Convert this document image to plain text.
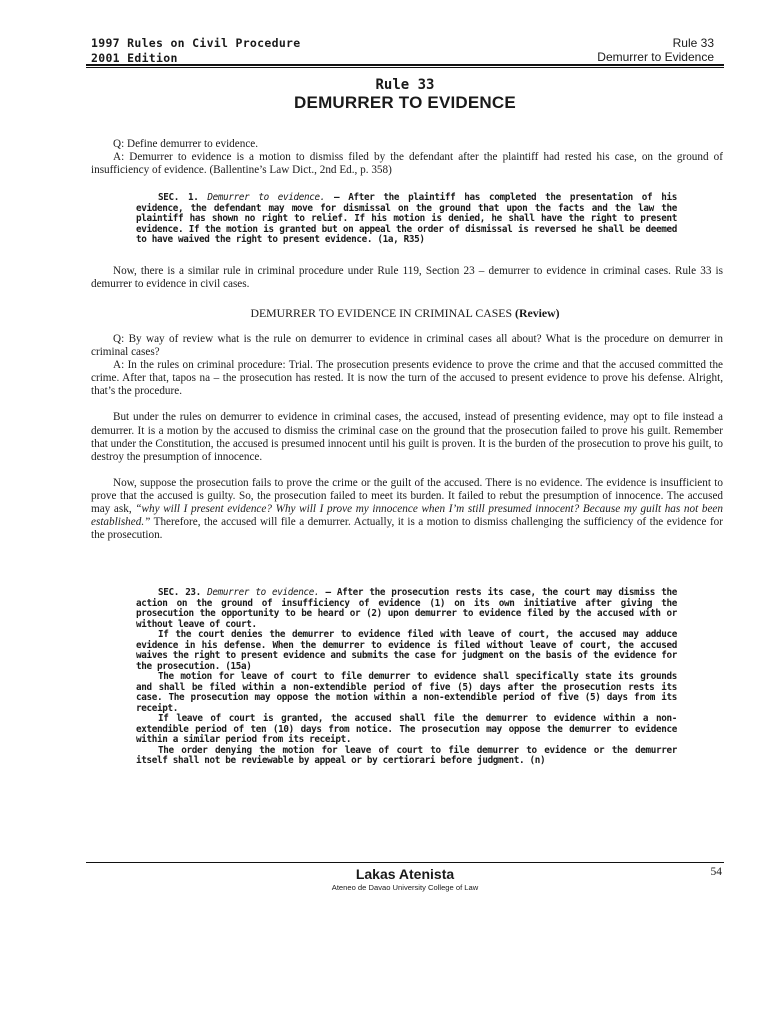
1997 Rules on Civil Procedure
2001 Edition
Rule 33
Demurrer to Evidence
Rule 33
DEMURRER TO EVIDENCE

Q: Define demurrer to evidence.

A: Demurrer to evidence is a motion to dismiss filed by the defendant after the plaintiff had rested his case, on the ground of insufficiency of evidence. (Ballentine’s Law Dict., 2nd Ed., p. 358)

SEC. 1. Demurrer to evidence. – After the plaintiff has completed the presentation of his evidence, the defendant may move for dismissal on the ground that upon the facts and the law the plaintiff has shown no right to relief. If his motion is denied, he shall have the right to present evidence. If the motion is granted but on appeal the order of dismissal is reversed he shall be deemed to have waived the right to present evidence. (1a, R35)

Now, there is a similar rule in criminal procedure under Rule 119, Section 23 – demurrer to evidence in criminal cases. Rule 33 is demurrer to evidence in civil cases.

DEMURRER TO EVIDENCE IN CRIMINAL CASES (Review)

Q: By way of review what is the rule on demurrer to evidence in criminal cases all about? What is the procedure on demurrer in criminal cases?

A: In the rules on criminal procedure: Trial. The prosecution presents evidence to prove the crime and that the accused committed the crime. After that, tapos na – the prosecution has rested. It is now the turn of the accused to present evidence to prove his defense. Alright, that’s the procedure.

But under the rules on demurrer to evidence in criminal cases, the accused, instead of presenting evidence, may opt to file instead a demurrer. It is a motion by the accused to dismiss the criminal case on the ground that the prosecution failed to prove his guilt. Remember that under the Constitution, the accused is presumed innocent until his guilt is proven. It is the burden of the prosecution to prove his guilt, to destroy the presumption of innocence.

Now, suppose the prosecution fails to prove the crime or the guilt of the accused. There is no evidence. The evidence is insufficient to prove that the accused is guilty. So, the prosecution failed to meet its burden. It failed to rebut the presumption of innocence. The accused may ask, “why will I present evidence? Why will I prove my innocence when I’m still presumed innocent? Because my guilt has not been established.” Therefore, the accused will file a demurrer. Actually, it is a motion to dismiss challenging the sufficiency of the evidence for the prosecution.

SEC. 23. Demurrer to evidence. – After the prosecution rests its case, the court may dismiss the action on the ground of insufficiency of evidence (1) on its own initiative after giving the prosecution the opportunity to be heard or (2) upon demurrer to evidence filed by the accused with or without leave of court.

If the court denies the demurrer to evidence filed with leave of court, the accused may adduce evidence in his defense. When the demurrer to evidence is filed without leave of court, the accused waives the right to present evidence and submits the case for judgment on the basis of the evidence for the prosecution. (15a)

The motion for leave of court to file demurrer to evidence shall specifically state its grounds and shall be filed within a non-extendible period of five (5) days after the prosecution rests its case. The prosecution may oppose the motion within a non-extendible period of five (5) days from its receipt.

If leave of court is granted, the accused shall file the demurrer to evidence within a non-extendible period of ten (10) days from notice. The prosecution may oppose the demurrer to evidence within a similar period from its receipt.

The order denying the motion for leave of court to file demurrer to evidence or the demurrer itself shall not be reviewable by appeal or by certiorari before judgment. (n)

Lakas Atenista
Ateneo de Davao University College of Law
54
